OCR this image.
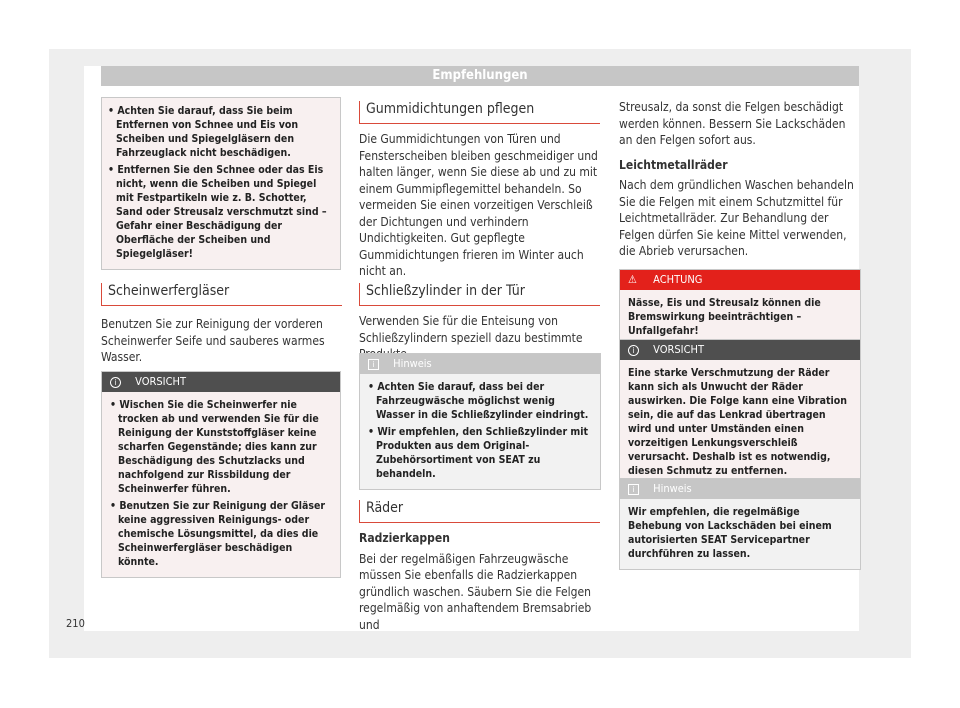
Empfehlungen

• Achten Sie darauf, dass Sie beim Entfernen von Schnee und Eis von Scheiben und Spiegelgläsern den Fahrzeuglack nicht beschädigen.

• Entfernen Sie den Schnee oder das Eis nicht, wenn die Scheiben und Spiegel mit Festpartikeln wie z. B. Schotter, Sand oder Streusalz verschmutzt sind – Gefahr einer Beschädigung der Oberfläche der Scheiben und Spiegelgläser!

Scheinwerfergläser

Benutzen Sie zur Reinigung der vorderen Scheinwerfer Seife und sauberes warmes Wasser.

i VORSICHT

• Wischen Sie die Scheinwerfer nie trocken ab und verwenden Sie für die Reinigung der Kunststoffgläser keine scharfen Gegenstände; dies kann zur Beschädigung des Schutzlacks und nachfolgend zur Rissbildung der Scheinwerfer führen.

• Benutzen Sie zur Reinigung der Gläser keine aggressiven Reinigungs- oder chemische Lösungsmittel, da dies die Scheinwerfergläser beschädigen könnte.

Gummidichtungen pflegen

Die Gummidichtungen von Türen und Fensterscheiben bleiben geschmeidiger und halten länger, wenn Sie diese ab und zu mit einem Gummipflegemittel behandeln. So vermeiden Sie einen vorzeitigen Verschleiß der Dichtungen und verhindern Undichtigkeiten. Gut gepflegte Gummidichtungen frieren im Winter auch nicht an.

Schließzylinder in der Tür

Verwenden Sie für die Enteisung von Schließzylindern speziell dazu bestimmte

i Hinweis

• Achten Sie darauf, dass bei der Fahrzeugwäsche möglichst wenig Wasser in die Schließzylinder eindringt.

• Wir empfehlen, den Schließzylinder mit Produkten aus dem Original-Zubehörsortiment von SEAT zu behandeln.

Räder

Radzierkappen

Bei der regelmäßigen Fahrzeugwäsche müssen Sie ebenfalls die Radzierkappen gründlich waschen. Säubern Sie die Felgen regelmäßig von anhaftendem Bremsabrieb und

Streusalz, da sonst die Felgen beschädigt werden können. Bessern Sie Lackschäden an den Felgen sofort aus.

Leichtmetallräder

Nach dem gründlichen Waschen behandeln Sie die Felgen mit einem Schutzmittel für Leichtmetallräder. Zur Behandlung der Felgen dürfen Sie keine Mittel verwenden, die Abrieb verursachen.

⚠ ACHTUNG

Nässe, Eis und Streusalz können die Bremswirkung beeinträchtigen – Unfallgefahr!

i VORSICHT

Eine starke Verschmutzung der Räder kann sich als Unwucht der Räder auswirken. Die Folge kann eine Vibration sein, die auf das Lenkrad übertragen wird und unter Umständen einen vorzeitigen Lenkungsverschleiß verursacht. Deshalb ist es notwendig, diesen Schmutz zu entfernen.

i Hinweis

Wir empfehlen, die regelmäßige Behebung von Lackschäden bei einem autorisierten SEAT Servicepartner durchführen zu lassen.

210
